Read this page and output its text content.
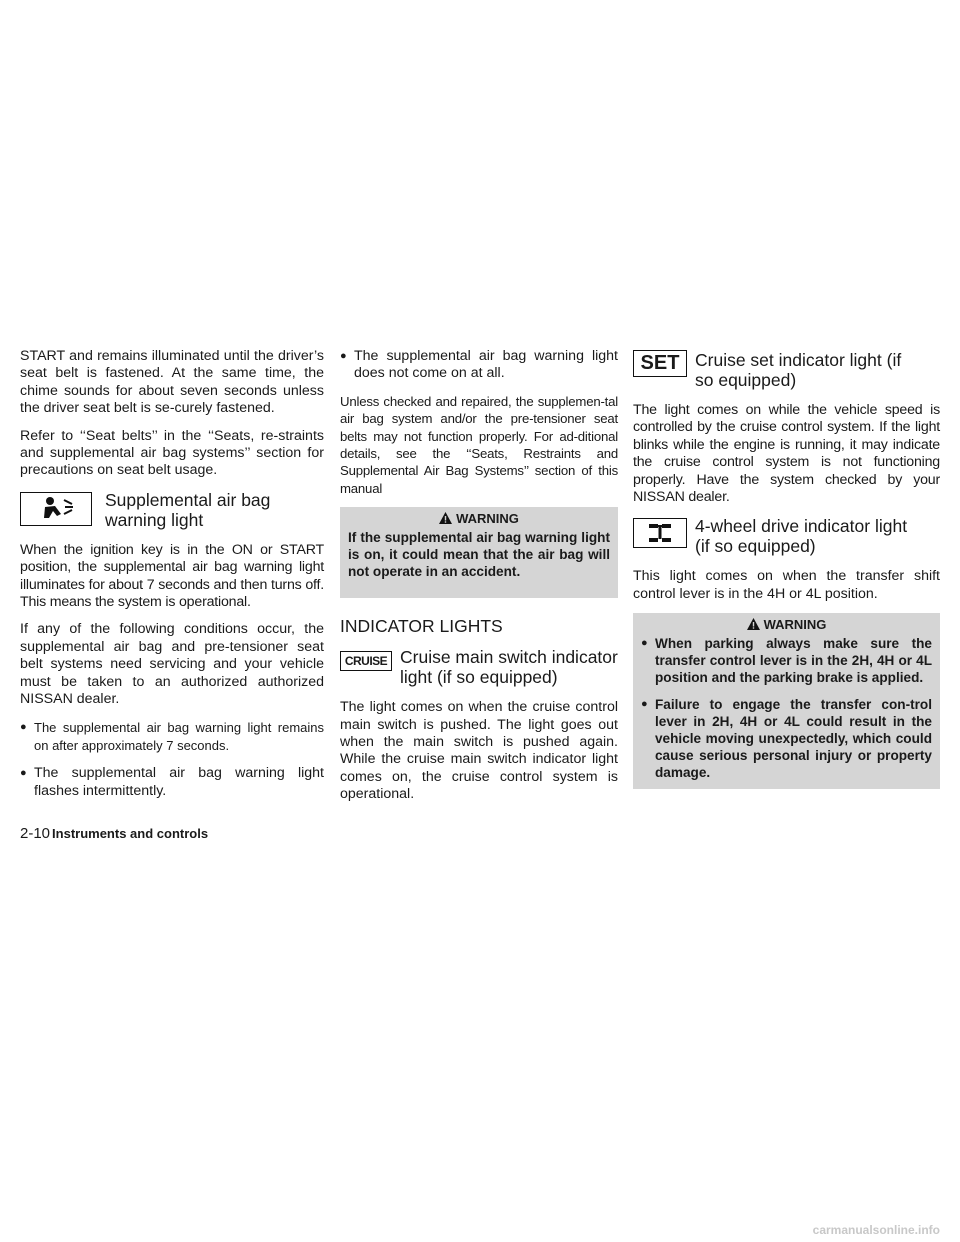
START and remains illuminated until the driver’s seat belt is fastened. At the same time, the chime sounds for about seven seconds unless the driver seat belt is se-curely fastened.

Refer to ‘‘Seat belts’’ in the ‘‘Seats, re-straints and supplemental air bag systems’’ section for precautions on seat belt usage.

Supplemental air bag
warning light

When the ignition key is in the ON or START position, the supplemental air bag warning light illuminates for about 7 seconds and then turns off. This means the system is operational.

If any of the following conditions occur, the supplemental air bag and pre-tensioner seat belt systems need servicing and your vehicle must be taken to an authorized authorized NISSAN dealer.

● The supplemental air bag warning light remains on after approximately 7 seconds.
● The supplemental air bag warning light flashes intermittently.
● The supplemental air bag warning light does not come on at all.

Unless checked and repaired, the supplemen-tal air bag system and/or the pre-tensioner seat belts may not function properly. For ad-ditional details, see the ‘‘Seats, Restraints and Supplemental Air Bag Systems’’ section of this manual

WARNING

If the supplemental air bag warning light is on, it could mean that the air bag will not operate in an accident.

INDICATOR LIGHTS
CRUISE Cruise main switch indicator
light (if so equipped)

The light comes on when the cruise control main switch is pushed. The light goes out when the main switch is pushed again. While the cruise main switch indicator light comes on, the cruise control system is operational.

SET Cruise set indicator light (if
so equipped)

The light comes on while the vehicle speed is controlled by the cruise control system. If the light blinks while the engine is running, it may indicate the cruise control system is not functioning properly. Have the system checked by your NISSAN dealer.

4-wheel drive indicator light
(if so equipped)

This light comes on when the transfer shift control lever is in the 4H or 4L position.

WARNING
● When parking always make sure the transfer control lever is in the 2H, 4H or 4L position and the parking brake is applied.
● Failure to engage the transfer con-trol lever in 2H, 4H or 4L could result in the vehicle moving unexpectedly, which could cause serious personal injury or property damage.
2-10 Instruments and controls
carmanualsonline.info
